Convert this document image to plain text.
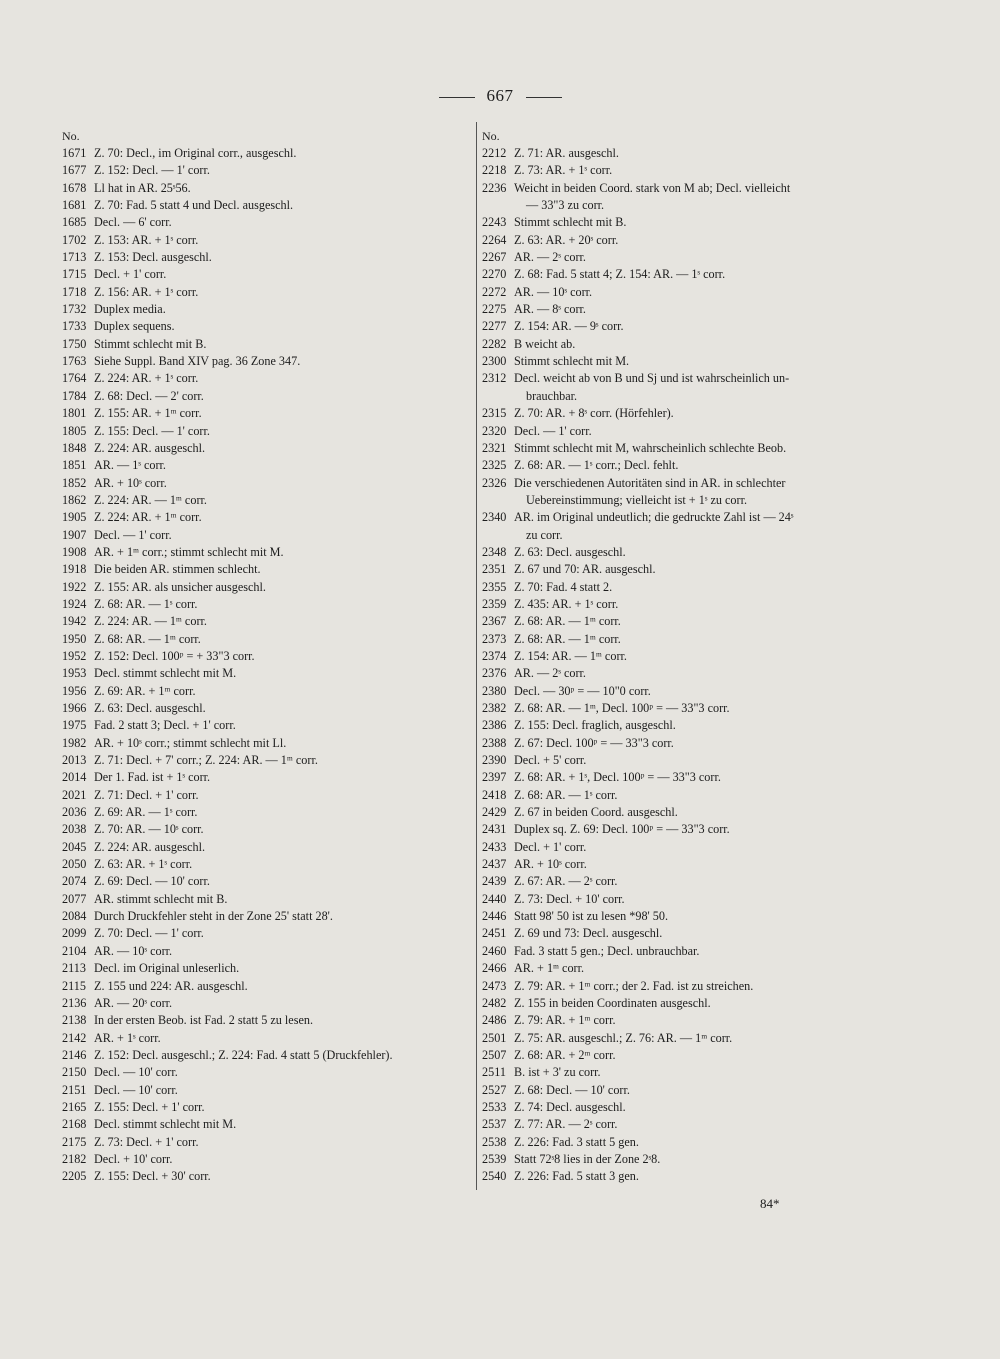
667
No.
1671 Z. 70: Decl., im Original corr., ausgeschl.
1677 Z. 152: Decl. — 1' corr.
1678 Ll hat in AR. 25ˢ56.
1681 Z. 70: Fad. 5 statt 4 und Decl. ausgeschl.
1685 Decl. — 6' corr.
1702 Z. 153: AR. + 1ˢ corr.
1713 Z. 153: Decl. ausgeschl.
1715 Decl. + 1' corr.
1718 Z. 156: AR. + 1ˢ corr.
1732 Duplex media.
1733 Duplex sequens.
1750 Stimmt schlecht mit B.
1763 Siehe Suppl. Band XIV pag. 36 Zone 347.
1764 Z. 224: AR. + 1ˢ corr.
1784 Z. 68: Decl. — 2' corr.
1801 Z. 155: AR. + 1ᵐ corr.
1805 Z. 155: Decl. — 1' corr.
1848 Z. 224: AR. ausgeschl.
1851 AR. — 1ˢ corr.
1852 AR. + 10ˢ corr.
1862 Z. 224: AR. — 1ᵐ corr.
1905 Z. 224: AR. + 1ᵐ corr.
1907 Decl. — 1' corr.
1908 AR. + 1ᵐ corr.; stimmt schlecht mit M.
1918 Die beiden AR. stimmen schlecht.
1922 Z. 155: AR. als unsicher ausgeschl.
1924 Z. 68: AR. — 1ˢ corr.
1942 Z. 224: AR. — 1ᵐ corr.
1950 Z. 68: AR. — 1ᵐ corr.
1952 Z. 152: Decl. 100ᵖ = + 33"3 corr.
1953 Decl. stimmt schlecht mit M.
1956 Z. 69: AR. + 1ᵐ corr.
1966 Z. 63: Decl. ausgeschl.
1975 Fad. 2 statt 3; Decl. + 1' corr.
1982 AR. + 10ˢ corr.; stimmt schlecht mit Ll.
2013 Z. 71: Decl. + 7' corr.; Z. 224: AR. — 1ᵐ corr.
2014 Der 1. Fad. ist + 1ˢ corr.
2021 Z. 71: Decl. + 1' corr.
2036 Z. 69: AR. — 1ˢ corr.
2038 Z. 70: AR. — 10ˢ corr.
2045 Z. 224: AR. ausgeschl.
2050 Z. 63: AR. + 1ˢ corr.
2074 Z. 69: Decl. — 10' corr.
2077 AR. stimmt schlecht mit B.
2084 Durch Druckfehler steht in der Zone 25' statt 28'.
2099 Z. 70: Decl. — 1' corr.
2104 AR. — 10ˢ corr.
2113 Decl. im Original unleserlich.
2115 Z. 155 und 224: AR. ausgeschl.
2136 AR. — 20ˢ corr.
2138 In der ersten Beob. ist Fad. 2 statt 5 zu lesen.
2142 AR. + 1ˢ corr.
2146 Z. 152: Decl. ausgeschl.; Z. 224: Fad. 4 statt 5 (Druckfehler).
2150 Decl. — 10' corr.
2151 Decl. — 10' corr.
2165 Z. 155: Decl. + 1' corr.
2168 Decl. stimmt schlecht mit M.
2175 Z. 73: Decl. + 1' corr.
2182 Decl. + 10' corr.
2205 Z. 155: Decl. + 30' corr.
No.
2212 Z. 71: AR. ausgeschl.
2218 Z. 73: AR. + 1ˢ corr.
2236 Weicht in beiden Coord. stark von M ab; Decl. vielleicht
— 33"3 zu corr.
2243 Stimmt schlecht mit B.
2264 Z. 63: AR. + 20ˢ corr.
2267 AR. — 2ˢ corr.
2270 Z. 68: Fad. 5 statt 4; Z. 154: AR. — 1ˢ corr.
2272 AR. — 10ˢ corr.
2275 AR. — 8ˢ corr.
2277 Z. 154: AR. — 9ˢ corr.
2282 B weicht ab.
2300 Stimmt schlecht mit M.
2312 Decl. weicht ab von B und Sj und ist wahrscheinlich un-
brauchbar.
2315 Z. 70: AR. + 8ˢ corr. (Hörfehler).
2320 Decl. — 1' corr.
2321 Stimmt schlecht mit M, wahrscheinlich schlechte Beob.
2325 Z. 68: AR. — 1ˢ corr.; Decl. fehlt.
2326 Die verschiedenen Autoritäten sind in AR. in schlechter
Uebereinstimmung; vielleicht ist + 1ˢ zu corr.
2340 AR. im Original undeutlich; die gedruckte Zahl ist — 24ˢ
zu corr.
2348 Z. 63: Decl. ausgeschl.
2351 Z. 67 und 70: AR. ausgeschl.
2355 Z. 70: Fad. 4 statt 2.
2359 Z. 435: AR. + 1ˢ corr.
2367 Z. 68: AR. — 1ᵐ corr.
2373 Z. 68: AR. — 1ᵐ corr.
2374 Z. 154: AR. — 1ᵐ corr.
2376 AR. — 2ˢ corr.
2380 Decl. — 30ᵖ = — 10"0 corr.
2382 Z. 68: AR. — 1ᵐ, Decl. 100ᵖ = — 33"3 corr.
2386 Z. 155: Decl. fraglich, ausgeschl.
2388 Z. 67: Decl. 100ᵖ = — 33"3 corr.
2390 Decl. + 5' corr.
2397 Z. 68: AR. + 1ˢ, Decl. 100ᵖ = — 33"3 corr.
2418 Z. 68: AR. — 1ˢ corr.
2429 Z. 67 in beiden Coord. ausgeschl.
2431 Duplex sq. Z. 69: Decl. 100ᵖ = — 33"3 corr.
2433 Decl. + 1' corr.
2437 AR. + 10ˢ corr.
2439 Z. 67: AR. — 2ˢ corr.
2440 Z. 73: Decl. + 10' corr.
2446 Statt 98' 50 ist zu lesen *98' 50.
2451 Z. 69 und 73: Decl. ausgeschl.
2460 Fad. 3 statt 5 gen.; Decl. unbrauchbar.
2466 AR. + 1ᵐ corr.
2473 Z. 79: AR. + 1ᵐ corr.; der 2. Fad. ist zu streichen.
2482 Z. 155 in beiden Coordinaten ausgeschl.
2486 Z. 79: AR. + 1ᵐ corr.
2501 Z. 75: AR. ausgeschl.; Z. 76: AR. — 1ᵐ corr.
2507 Z. 68: AR. + 2ᵐ corr.
2511 B. ist + 3' zu corr.
2527 Z. 68: Decl. — 10' corr.
2533 Z. 74: Decl. ausgeschl.
2537 Z. 77: AR. — 2ˢ corr.
2538 Z. 226: Fad. 3 statt 5 gen.
2539 Statt 72ˢ8 lies in der Zone 2ˢ8.
2540 Z. 226: Fad. 5 statt 3 gen.
84*
